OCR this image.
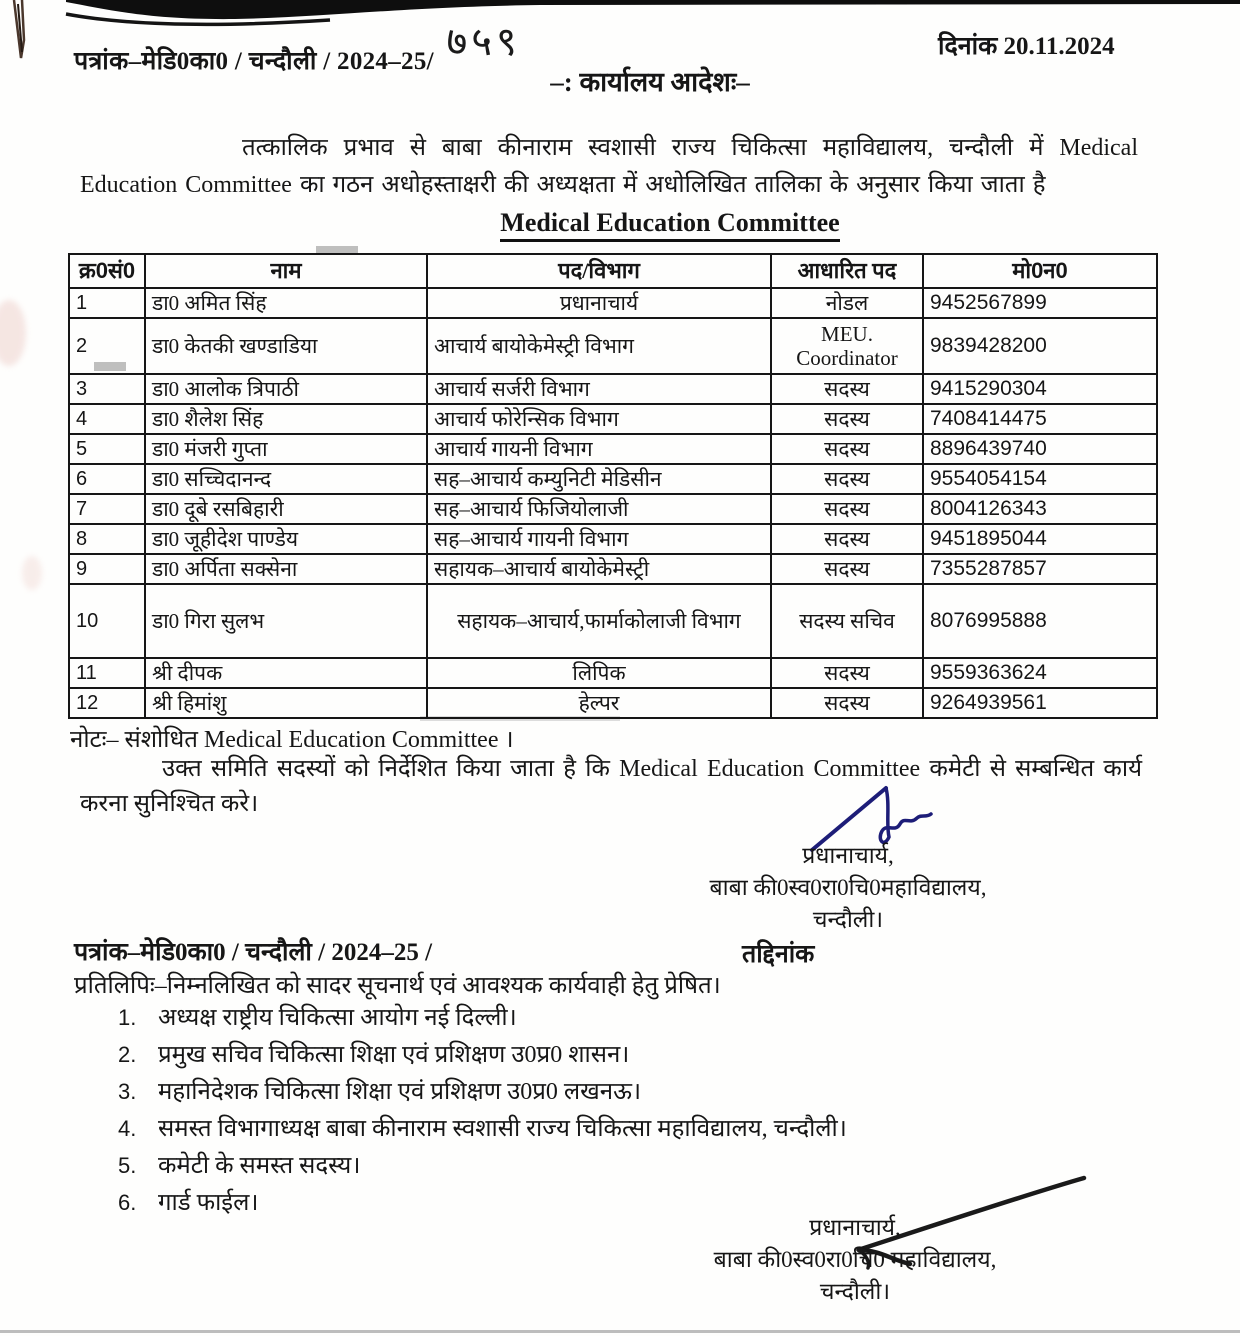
पत्रांक–मेडि0का0 / चन्दौली / 2024–25/ ७५९	दिनांक 20.11.2024
–: कार्यालय आदेशः–
तत्कालिक प्रभाव से बाबा कीनाराम स्वशासी राज्य चिकित्सा महाविद्यालय, चन्दौली में Medical Education Committee का गठन अधोहस्ताक्षरी की अध्यक्षता में अधोलिखित तालिका के अनुसार किया जाता है
Medical Education Committee
क्र0सं0	नाम	पद/विभाग	आधारित पद	मो0न0
1	डा0 अमित सिंह	प्रधानाचार्य	नोडल	9452567899
2	डा0 केतकी खण्डाडिया	आचार्य बायोकेमेस्ट्री विभाग	MEU. Coordinator	9839428200
3	डा0 आलोक त्रिपाठी	आचार्य सर्जरी विभाग	सदस्य	9415290304
4	डा0 शैलेश सिंह	आचार्य फोरेन्सिक विभाग	सदस्य	7408414475
5	डा0 मंजरी गुप्ता	आचार्य गायनी विभाग	सदस्य	8896439740
6	डा0 सच्चिदानन्द	सह–आचार्य कम्युनिटी मेडिसीन	सदस्य	9554054154
7	डा0 दूबे रसबिहारी	सह–आचार्य फिजियोलाजी	सदस्य	8004126343
8	डा0 जूहीदेश पाण्डेय	सह–आचार्य गायनी विभाग	सदस्य	9451895044
9	डा0 अर्पिता सक्सेना	सहायक–आचार्य बायोकेमेस्ट्री	सदस्य	7355287857
10	डा0 गिरा सुलभ	सहायक–आचार्य,फार्माकोलाजी विभाग	सदस्य सचिव	8076995888
11	श्री दीपक	लिपिक	सदस्य	9559363624
12	श्री हिमांशु	हेल्पर	सदस्य	9264939561
नोटः– संशोधित Medical Education Committee ।
उक्त समिति सदस्यों को निर्देशित किया जाता है कि Medical Education Committee कमेटी से सम्बन्धित कार्य करना सुनिश्चित करे।
प्रधानाचार्य,
बाबा की0स्व0रा0चि0महाविद्यालय,
चन्दौली।
पत्रांक–मेडि0का0 / चन्दौली / 2024–25 /	तद्दिनांक
प्रतिलिपिः–निम्नलिखित को सादर सूचनार्थ एवं आवश्यक कार्यवाही हेतु प्रेषित।
1. अध्यक्ष राष्ट्रीय चिकित्सा आयोग नई दिल्ली।
2. प्रमुख सचिव चिकित्सा शिक्षा एवं प्रशिक्षण उ0प्र0 शासन।
3. महानिदेशक चिकित्सा शिक्षा एवं प्रशिक्षण उ0प्र0 लखनऊ।
4. समस्त विभागाध्यक्ष बाबा कीनाराम स्वशासी राज्य चिकित्सा महाविद्यालय, चन्दौली।
5. कमेटी के समस्त सदस्य।
6. गार्ड फाईल।
प्रधानाचार्य,
बाबा की0स्व0रा0चि0 महाविद्यालय,
चन्दौली।
